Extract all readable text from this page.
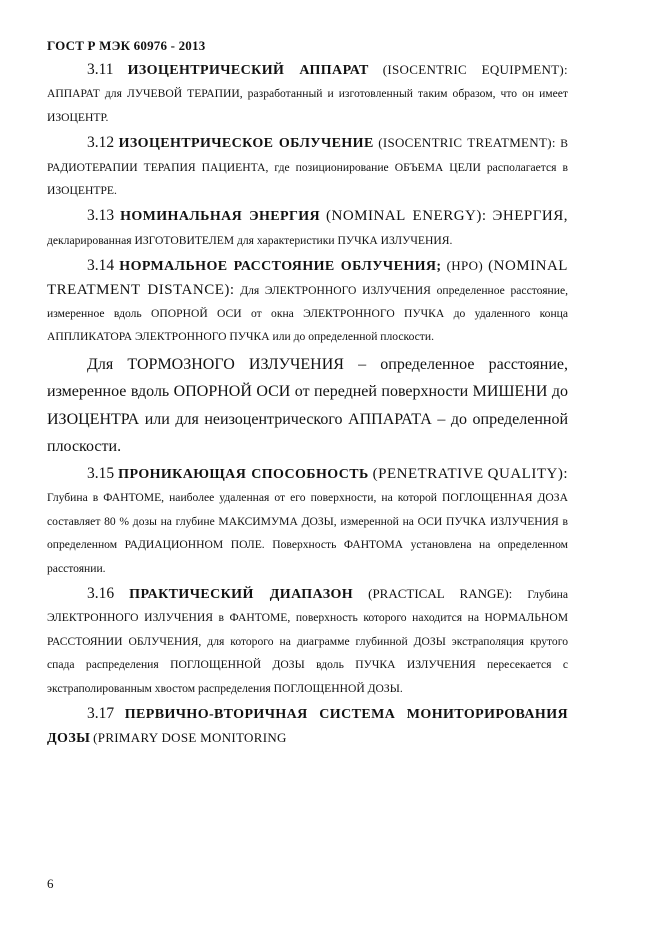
ГОСТ Р МЭК 60976 - 2013

3.11 ИЗОЦЕНТРИЧЕСКИЙ АППАРАТ (ISOCENTRIC EQUIPMENT): АППАРАТ для ЛУЧЕВОЙ ТЕРАПИИ, разработанный и изготовленный таким образом, что он имеет ИЗОЦЕНТР.

3.12 ИЗОЦЕНТРИЧЕСКОЕ ОБЛУЧЕНИЕ (ISOCENTRIC TREATMENT): В РАДИОТЕРАПИИ ТЕРАПИЯ ПАЦИЕНТА, где позиционирование ОБЪЕМА ЦЕЛИ располагается в ИЗОЦЕНТРЕ.

3.13 НОМИНАЛЬНАЯ ЭНЕРГИЯ (NOMINAL ENERGY): ЭНЕРГИЯ, декларированная ИЗГОТОВИТЕЛЕМ для характеристики ПУЧКА ИЗЛУЧЕНИЯ.

3.14 НОРМАЛЬНОЕ РАССТОЯНИЕ ОБЛУЧЕНИЯ; (НРО) (NOMINAL TREATMENT DISTANCE): Для ЭЛЕКТРОННОГО ИЗЛУЧЕНИЯ определенное расстояние, измеренное вдоль ОПОРНОЙ ОСИ от окна ЭЛЕКТРОННОГО ПУЧКА до удаленного конца АППЛИКАТОРА ЭЛЕКТРОННОГО ПУЧКА или до определенной плоскости.

Для ТОРМОЗНОГО ИЗЛУЧЕНИЯ – определенное расстояние, измеренное вдоль ОПОРНОЙ ОСИ от передней поверхности МИШЕНИ до ИЗОЦЕНТРА или для неизоцентрического АППАРАТА – до определенной плоскости.

3.15 ПРОНИКАЮЩАЯ СПОСОБНОСТЬ (PENETRATIVE QUALITY): Глубина в ФАНТОМЕ, наиболее удаленная от его поверхности, на которой ПОГЛОЩЕННАЯ ДОЗА составляет 80 % дозы на глубине МАКСИМУМА ДОЗЫ, измеренной на ОСИ ПУЧКА ИЗЛУЧЕНИЯ в определенном РАДИАЦИОННОМ ПОЛЕ. Поверхность ФАНТОМА установлена на определенном расстоянии.

3.16 ПРАКТИЧЕСКИЙ ДИАПАЗОН (PRACTICAL RANGE): Глубина ЭЛЕКТРОННОГО ИЗЛУЧЕНИЯ в ФАНТОМЕ, поверхность которого находится на НОРМАЛЬНОМ РАССТОЯНИИ ОБЛУЧЕНИЯ, для которого на диаграмме глубинной ДОЗЫ экстраполяция крутого спада распределения ПОГЛОЩЕННОЙ ДОЗЫ вдоль ПУЧКА ИЗЛУЧЕНИЯ пересекается с экстраполированным хвостом распределения ПОГЛОЩЕННОЙ ДОЗЫ.

3.17 ПЕРВИЧНО-ВТОРИЧНАЯ СИСТЕМА МОНИТОРИРОВАНИЯ ДОЗЫ (PRIMARY DOSE MONITORING

6
